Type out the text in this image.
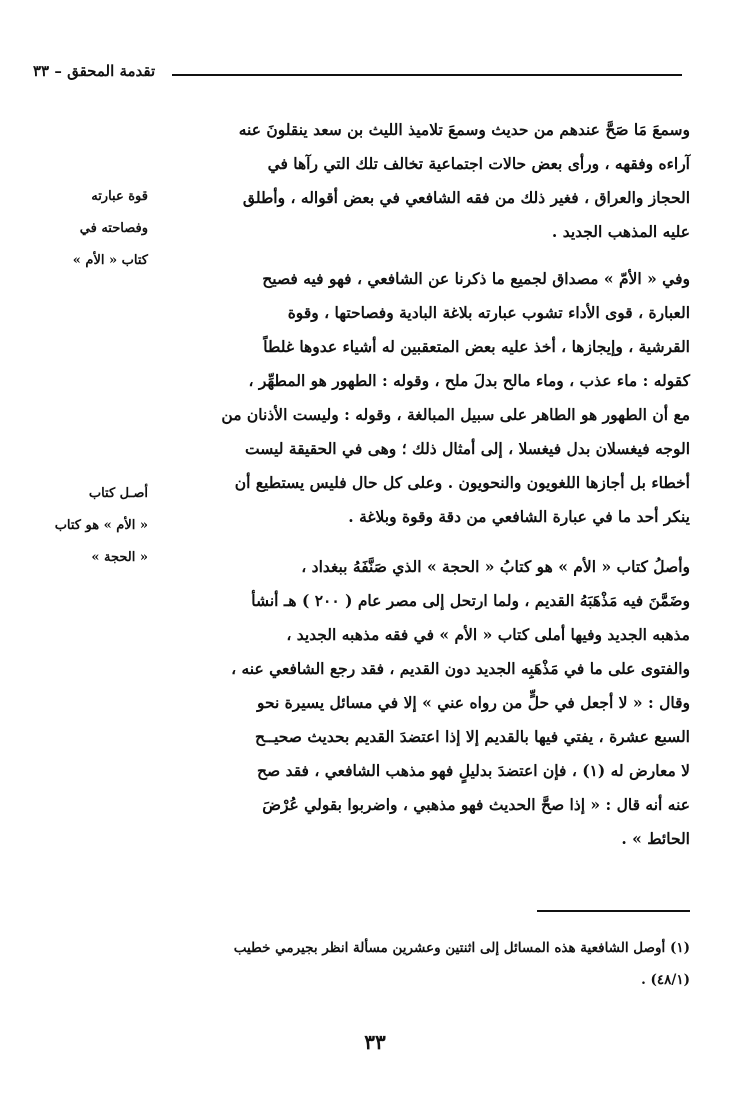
تقدمة المحقق – ٣٣
قوة عبارته
وفصاحته في
كتاب « الأم »
أصـل كتاب
« الأم » هو كتاب
« الحجة »
وسمعَ مَا صَحَّ عندهم من حديث وسمعَ تلاميذ الليث بن سعد ينقلونَ عنه
آراءه وفقهه ، ورأى بعض حالات اجتماعية تخالف تلك التي رآها في
الحجاز والعراق ، فغير ذلك من فقه الشافعي في بعض أقواله ، وأطلق
عليه المذهب الجديد .
وفي « الأمّ » مصداق لجميع ما ذكرنا عن الشافعي ، فهو فيه فصيح
العبارة ، قوى الأداء تشوب عبارته بلاغة البادية وفصاحتها ، وقوة
القرشية ، وإيجازها ، أخذ عليه بعض المتعقبين له أشياء عدوها غلطاً
كقوله : ماء عذب ، وماء مالح بدلَ ملح ، وقوله : الطهور هو المطهِّر ،
مع أن الطهور هو الطاهر على سبيل المبالغة ، وقوله : وليست الأذنان من
الوجه فيغسلان بدل فيغسلا ، إلى أمثال ذلك ؛ وهى في الحقيقة ليست
أخطاء بل أجازها اللغويون والنحويون . وعلى كل حال فليس يستطيع أن
ينكر أحد ما في عبارة الشافعي من دقة وقوة وبلاغة .
وأصلُ كتاب « الأم » هو كتابُ « الحجة » الذي صَنَّفَهُ ببغداد ،
وضَمَّنَ فيه مَذْهَبَهُ القديم ، ولما ارتحل إلى مصر عام ( ٢٠٠ ) هـ أنشأ
مذهبه الجديد وفيها أملى كتاب « الأم » في فقه مذهبه الجديد ،
والفتوى على ما في مَذْهَبِه الجديد دون القديم ، فقد رجع الشافعي عنه ،
وقال : « لا أجعل في حلٍّ من رواه عني » إلا في مسائل يسيرة نحو
السبع عشرة ، يفتي فيها بالقديم إلا إذا اعتضدَ القديم بحديث صحيــح
لا معارض له (١) ، فإن اعتضدَ بدليلٍ فهو مذهب الشافعي ، فقد صح
عنه أنه قال : « إذا صحَّ الحديث فهو مذهبي ، واضربوا بقولي عُرْضَ
الحائط » .
(١) أوصل الشافعية هذه المسائل إلى اثنتين وعشرين مسألة انظر بجيرمي خطيب
(٤٨/١) .
٣٣
